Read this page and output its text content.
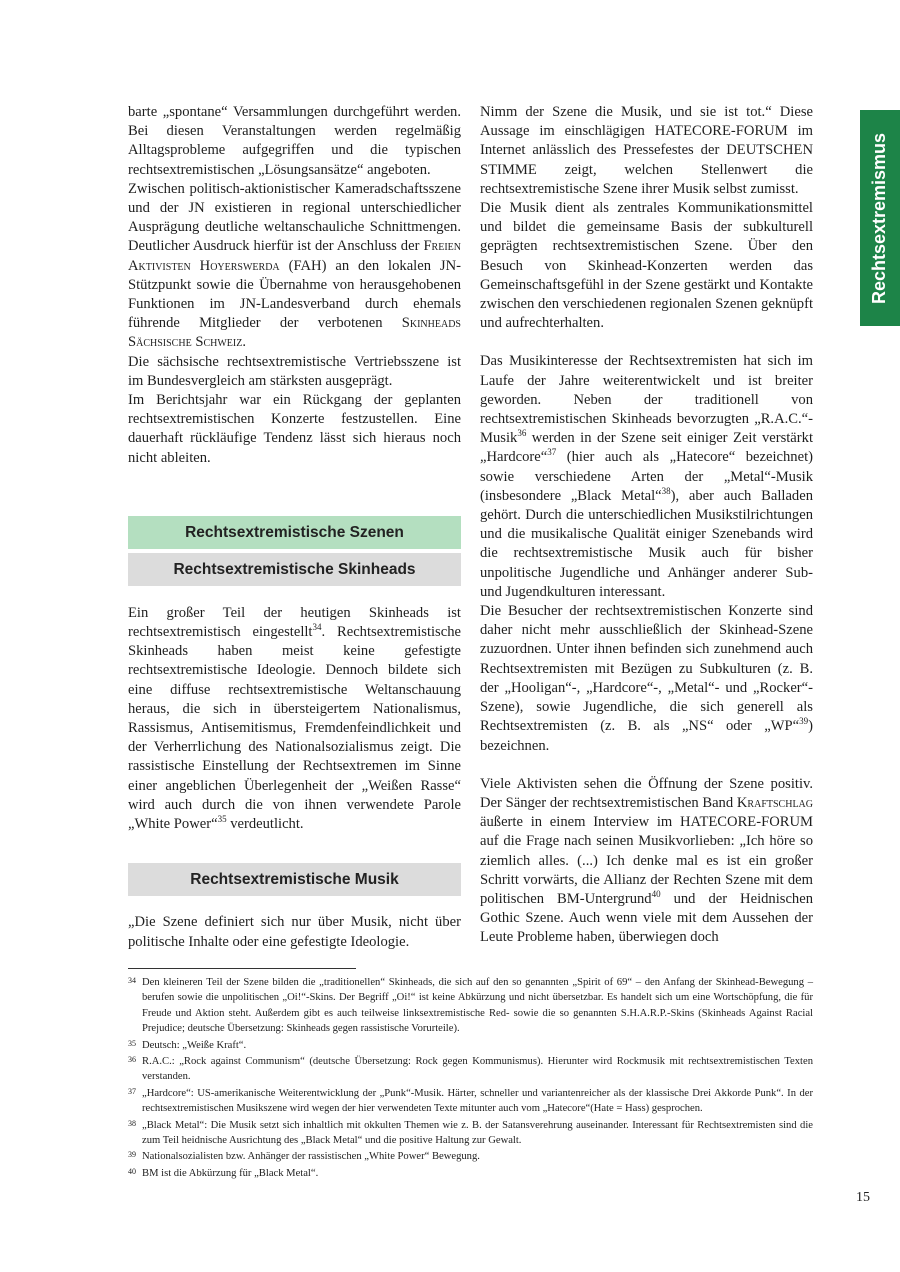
Rechtsextremismus

barte „spontane“ Versammlungen durchgeführt werden. Bei diesen Veranstaltungen werden regelmäßig Alltagsprobleme aufgegriffen und die typischen rechtsextremistischen „Lösungsansätze“ angeboten.

Zwischen politisch-aktionistischer Kameradschaftsszene und der JN existieren in regional unterschiedlicher Ausprägung deutliche weltanschauliche Schnittmengen. Deutlicher Ausdruck hierfür ist der Anschluss der Freien Aktivisten Hoyerswerda (FAH) an den lokalen JN-Stützpunkt sowie die Übernahme von herausgehobenen Funktionen im JN-Landesverband durch ehemals führende Mitglieder der verbotenen Skinheads Sächsische Schweiz.

Die sächsische rechtsextremistische Vertriebsszene ist im Bundesvergleich am stärksten ausgeprägt.

Im Berichtsjahr war ein Rückgang der geplanten rechtsextremistischen Konzerte festzustellen. Eine dauerhaft rückläufige Tendenz lässt sich hieraus noch nicht ableiten.

Rechtsextremistische Szenen
Rechtsextremistische Skinheads

Ein großer Teil der heutigen Skinheads ist rechtsextremistisch eingestellt$^{34}$. Rechtsextremistische Skinheads haben meist keine gefestigte rechtsextremistische Ideologie. Dennoch bildete sich eine diffuse rechtsextremistische Weltanschauung heraus, die sich in übersteigertem Nationalismus, Rassismus, Antisemitismus, Fremdenfeindlichkeit und der Verherrlichung des Nationalsozialismus zeigt. Die rassistische Einstellung der Rechtsextremen im Sinne einer angeblichen Überlegenheit der „Weißen Rasse“ wird auch durch die von ihnen verwendete Parole „White Power“$^{35}$ verdeutlicht.

Rechtsextremistische Musik

„Die Szene definiert sich nur über Musik, nicht über politische Inhalte oder eine gefestigte Ideologie.

Nimm der Szene die Musik, und sie ist tot.“ Diese Aussage im einschlägigen HATECORE-FORUM im Internet anlässlich des Pressefestes der DEUTSCHEN STIMME zeigt, welchen Stellenwert die rechtsextremistische Szene ihrer Musik selbst zumisst.

Die Musik dient als zentrales Kommunikationsmittel und bildet die gemeinsame Basis der subkulturell geprägten rechtsextremistischen Szene. Über den Besuch von Skinhead-Konzerten werden das Gemeinschaftsgefühl in der Szene gestärkt und Kontakte zwischen den verschiedenen regionalen Szenen geknüpft und aufrechterhalten.

Das Musikinteresse der Rechtsextremisten hat sich im Laufe der Jahre weiterentwickelt und ist breiter geworden. Neben der traditionell von rechtsextremistischen Skinheads bevorzugten „R.A.C.“-Musik$^{36}$ werden in der Szene seit einiger Zeit verstärkt „Hardcore“$^{37}$ (hier auch als „Hatecore“ bezeichnet) sowie verschiedene Arten der „Metal“-Musik (insbesondere „Black Metal“$^{38}$), aber auch Balladen gehört. Durch die unterschiedlichen Musikstilrichtungen und die musikalische Qualität einiger Szenebands wird die rechtsextremistische Musik auch für bisher unpolitische Jugendliche und Anhänger anderer Sub- und Jugendkulturen interessant.

Die Besucher der rechtsextremistischen Konzerte sind daher nicht mehr ausschließlich der Skinhead-Szene zuzuordnen. Unter ihnen befinden sich zunehmend auch Rechtsextremisten mit Bezügen zu Subkulturen (z. B. der „Hooligan“-, „Hardcore“-, „Metal“- und „Rocker“-Szene), sowie Jugendliche, die sich generell als Rechtsextremisten (z. B. als „NS“ oder „WP“$^{39}$) bezeichnen.

Viele Aktivisten sehen die Öffnung der Szene positiv. Der Sänger der rechtsextremistischen Band Kraftschlag äußerte in einem Interview im HATECORE-FORUM auf die Frage nach seinen Musikvorlieben: „Ich höre so ziemlich alles. (...) Ich denke mal es ist ein großer Schritt vorwärts, die Allianz der Rechten Szene mit dem politischen BM-Untergrund$^{40}$ und der Heidnischen Gothic Szene. Auch wenn viele mit dem Aussehen der Leute Probleme haben, überwiegen doch

34 Den kleineren Teil der Szene bilden die „traditionellen“ Skinheads, die sich auf den so genannten „Spirit of 69“ – den Anfang der Skinhead-Bewegung – berufen sowie die unpolitischen „Oi!“-Skins. Der Begriff „Oi!“ ist keine Abkürzung und nicht übersetzbar. Es handelt sich um eine Wortschöpfung, die für Freude und Aktion steht. Außerdem gibt es auch teilweise linksextremistische Red- sowie die so genannten S.H.A.R.P.-Skins (Skinheads Against Racial Prejudice; deutsche Übersetzung: Skinheads gegen rassistische Vorurteile).
35 Deutsch: „Weiße Kraft“.
36 R.A.C.: „Rock against Communism“ (deutsche Übersetzung: Rock gegen Kommunismus). Hierunter wird Rockmusik mit rechtsextremistischen Texten verstanden.
37 „Hardcore“: US-amerikanische Weiterentwicklung der „Punk“-Musik. Härter, schneller und variantenreicher als der klassische Drei Akkorde Punk“. In der rechtsextremistischen Musikszene wird wegen der hier verwendeten Texte mitunter auch vom „Hatecore“(Hate = Hass) gesprochen.
38 „Black Metal“: Die Musik setzt sich inhaltlich mit okkulten Themen wie z. B. der Satansverehrung auseinander. Interessant für Rechtsextremisten sind die zum Teil heidnische Ausrichtung des „Black Metal“ und die positive Haltung zur Gewalt.
39 Nationalsozialisten bzw. Anhänger der rassistischen „White Power“ Bewegung.
40 BM ist die Abkürzung für „Black Metal“.
15
